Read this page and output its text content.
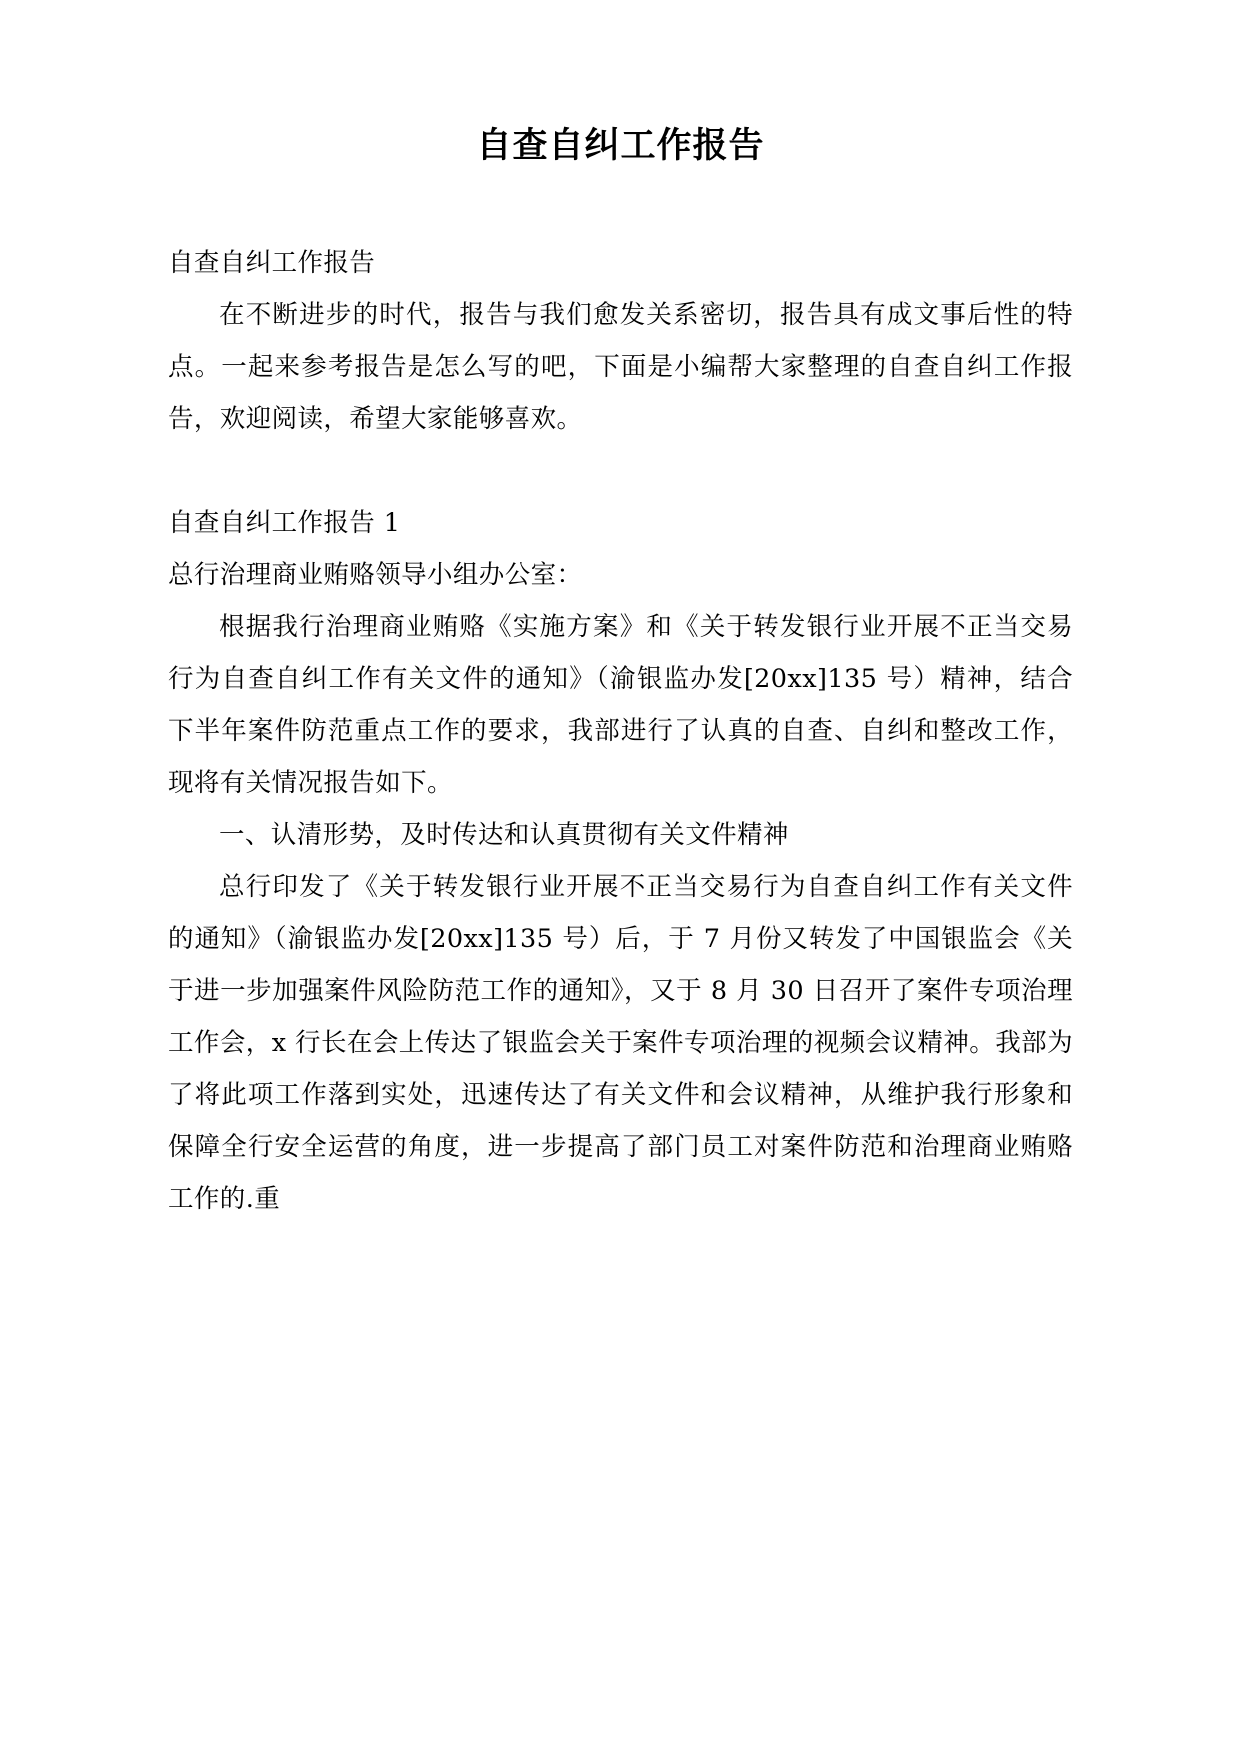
自查自纠工作报告

自查自纠工作报告

在不断进步的时代，报告与我们愈发关系密切，报告具有成文事后性的特点。一起来参考报告是怎么写的吧，下面是小编帮大家整理的自查自纠工作报告，欢迎阅读，希望大家能够喜欢。

自查自纠工作报告 1

总行治理商业贿赂领导小组办公室：

根据我行治理商业贿赂《实施方案》和《关于转发银行业开展不正当交易行为自查自纠工作有关文件的通知》（渝银监办发[20xx]135 号）精神，结合下半年案件防范重点工作的要求，我部进行了认真的自查、自纠和整改工作，现将有关情况报告如下。

一、认清形势，及时传达和认真贯彻有关文件精神

总行印发了《关于转发银行业开展不正当交易行为自查自纠工作有关文件的通知》（渝银监办发[20xx]135 号）后，于 7 月份又转发了中国银监会《关于进一步加强案件风险防范工作的通知》，又于 8 月 30 日召开了案件专项治理工作会，x 行长在会上传达了银监会关于案件专项治理的视频会议精神。我部为了将此项工作落到实处，迅速传达了有关文件和会议精神，从维护我行形象和保障全行安全运营的角度，进一步提高了部门员工对案件防范和治理商业贿赂工作的.重
